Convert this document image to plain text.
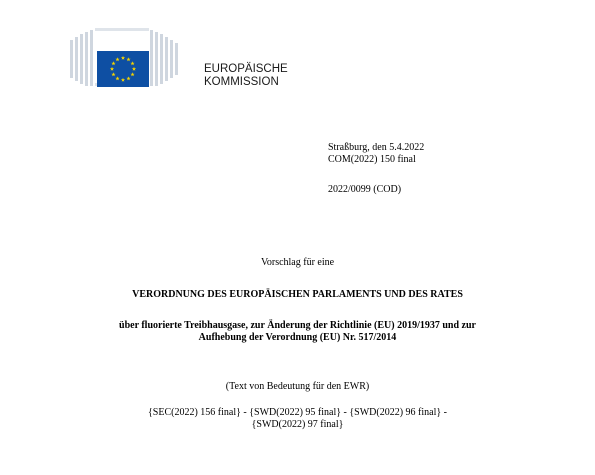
EUROPÄISCHE
KOMMISSION
Straßburg, den 5.4.2022
COM(2022) 150 final
2022/0099 (COD)
Vorschlag für eine
VERORDNUNG DES EUROPÄISCHEN PARLAMENTS UND DES RATES
über fluorierte Treibhausgase, zur Änderung der Richtlinie (EU) 2019/1937 und zur
Aufhebung der Verordnung (EU) Nr. 517/2014
(Text von Bedeutung für den EWR)
{SEC(2022) 156 final} - {SWD(2022) 95 final} - {SWD(2022) 96 final} -
{SWD(2022) 97 final}
